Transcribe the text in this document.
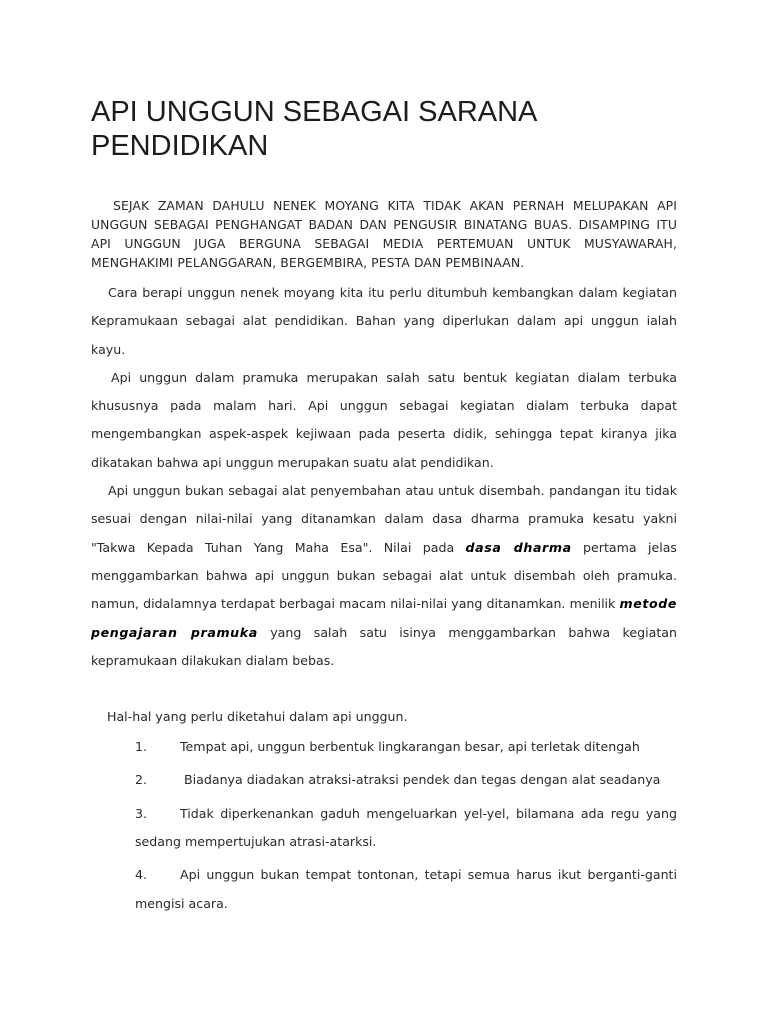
API UNGGUN SEBAGAI SARANA
PENDIDIKAN
SEJAK ZAMAN DAHULU NENEK MOYANG KITA TIDAK AKAN PERNAH MELUPAKAN API UNGGUN SEBAGAI PENGHANGAT BADAN DAN PENGUSIR BINATANG BUAS. DISAMPING ITU API UNGGUN JUGA BERGUNA SEBAGAI MEDIA PERTEMUAN UNTUK MUSYAWARAH, MENGHAKIMI PELANGGARAN, BERGEMBIRA, PESTA DAN PEMBINAAN.

Cara berapi unggun nenek moyang kita itu perlu ditumbuh kembangkan dalam kegiatan Kepramukaan sebagai alat pendidikan. Bahan yang diperlukan dalam api unggun ialah kayu.

Api unggun dalam pramuka merupakan salah satu bentuk kegiatan dialam terbuka khususnya pada malam hari. Api unggun sebagai kegiatan dialam terbuka dapat mengembangkan aspek-aspek kejiwaan pada peserta didik, sehingga tepat kiranya jika dikatakan bahwa api unggun merupakan suatu alat pendidikan.

Api unggun bukan sebagai alat penyembahan atau untuk disembah. pandangan itu tidak sesuai dengan nilai-nilai yang ditanamkan dalam dasa dharma pramuka kesatu yakni "Takwa Kepada Tuhan Yang Maha Esa". Nilai pada dasa dharma pertama jelas menggambarkan bahwa api unggun bukan sebagai alat untuk disembah oleh pramuka. namun, didalamnya terdapat berbagai macam nilai-nilai yang ditanamkan. menilik metode pengajaran pramuka yang salah satu isinya menggambarkan bahwa kegiatan kepramukaan dilakukan dialam bebas.

Hal-hal yang perlu diketahui dalam api unggun.
1.	Tempat api, unggun berbentuk lingkarangan besar, api terletak ditengah
2.	Biadanya diadakan atraksi-atraksi pendek dan tegas dengan alat seadanya
3.	Tidak diperkenankan gaduh mengeluarkan yel-yel, bilamana ada regu yang sedang mempertujukan atrasi-atarksi.
4.	Api unggun bukan tempat tontonan, tetapi semua harus ikut berganti-ganti mengisi acara.
